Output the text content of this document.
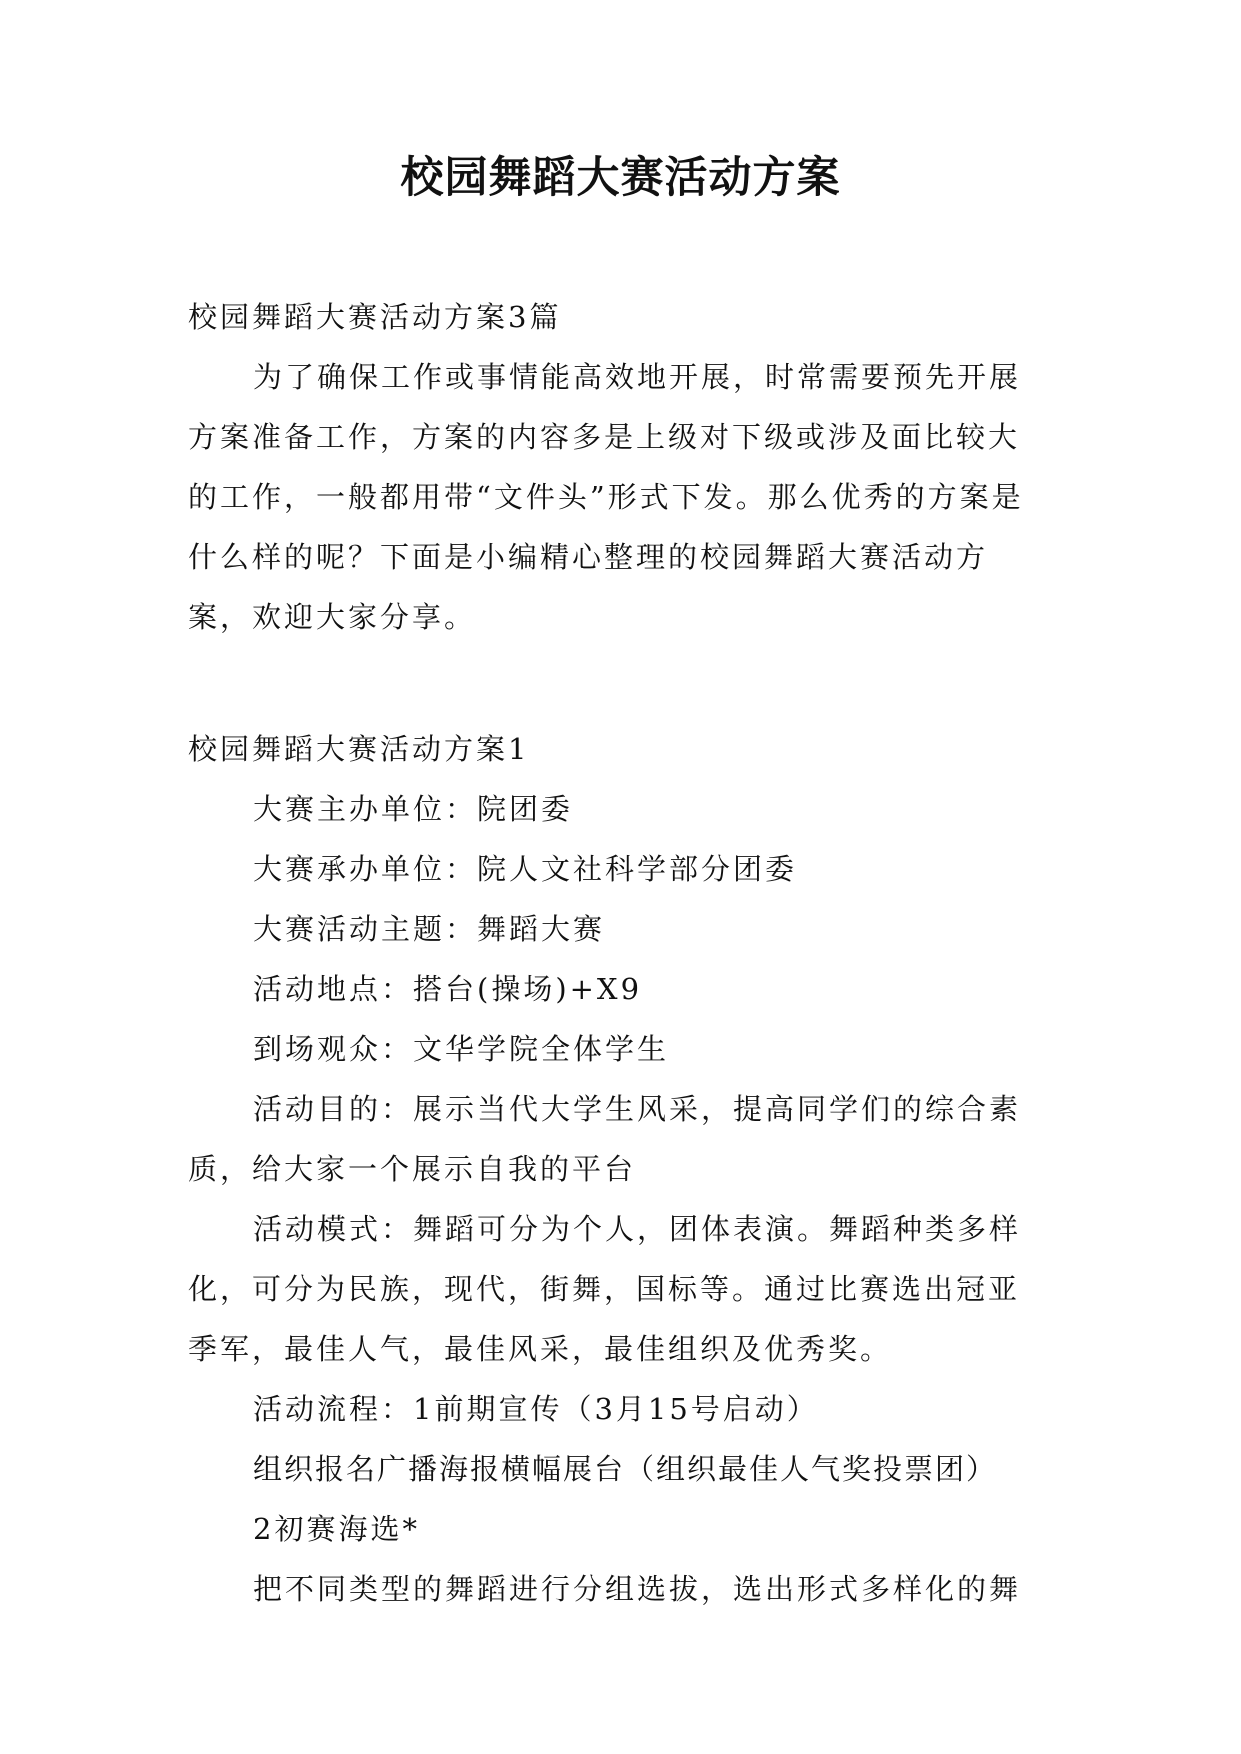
校园舞蹈大赛活动方案

校园舞蹈大赛活动方案3篇

为了确保工作或事情能高效地开展，时常需要预先开展方案准备工作，方案的内容多是上级对下级或涉及面比较大的工作，一般都用带“文件头”形式下发。那么优秀的方案是什么样的呢？下面是小编精心整理的校园舞蹈大赛活动方案，欢迎大家分享。

校园舞蹈大赛活动方案1

大赛主办单位：院团委

大赛承办单位：院人文社科学部分团委

大赛活动主题：舞蹈大赛

活动地点：搭台(操场)+X9

到场观众：文华学院全体学生

活动目的：展示当代大学生风采，提高同学们的综合素质，给大家一个展示自我的平台

活动模式：舞蹈可分为个人，团体表演。舞蹈种类多样化，可分为民族，现代，街舞，国标等。通过比赛选出冠亚季军，最佳人气，最佳风采，最佳组织及优秀奖。

活动流程：1前期宣传（3月15号启动）

组织报名广播海报横幅展台（组织最佳人气奖投票团）

2初赛海选*

把不同类型的舞蹈进行分组选拔，选出形式多样化的舞
